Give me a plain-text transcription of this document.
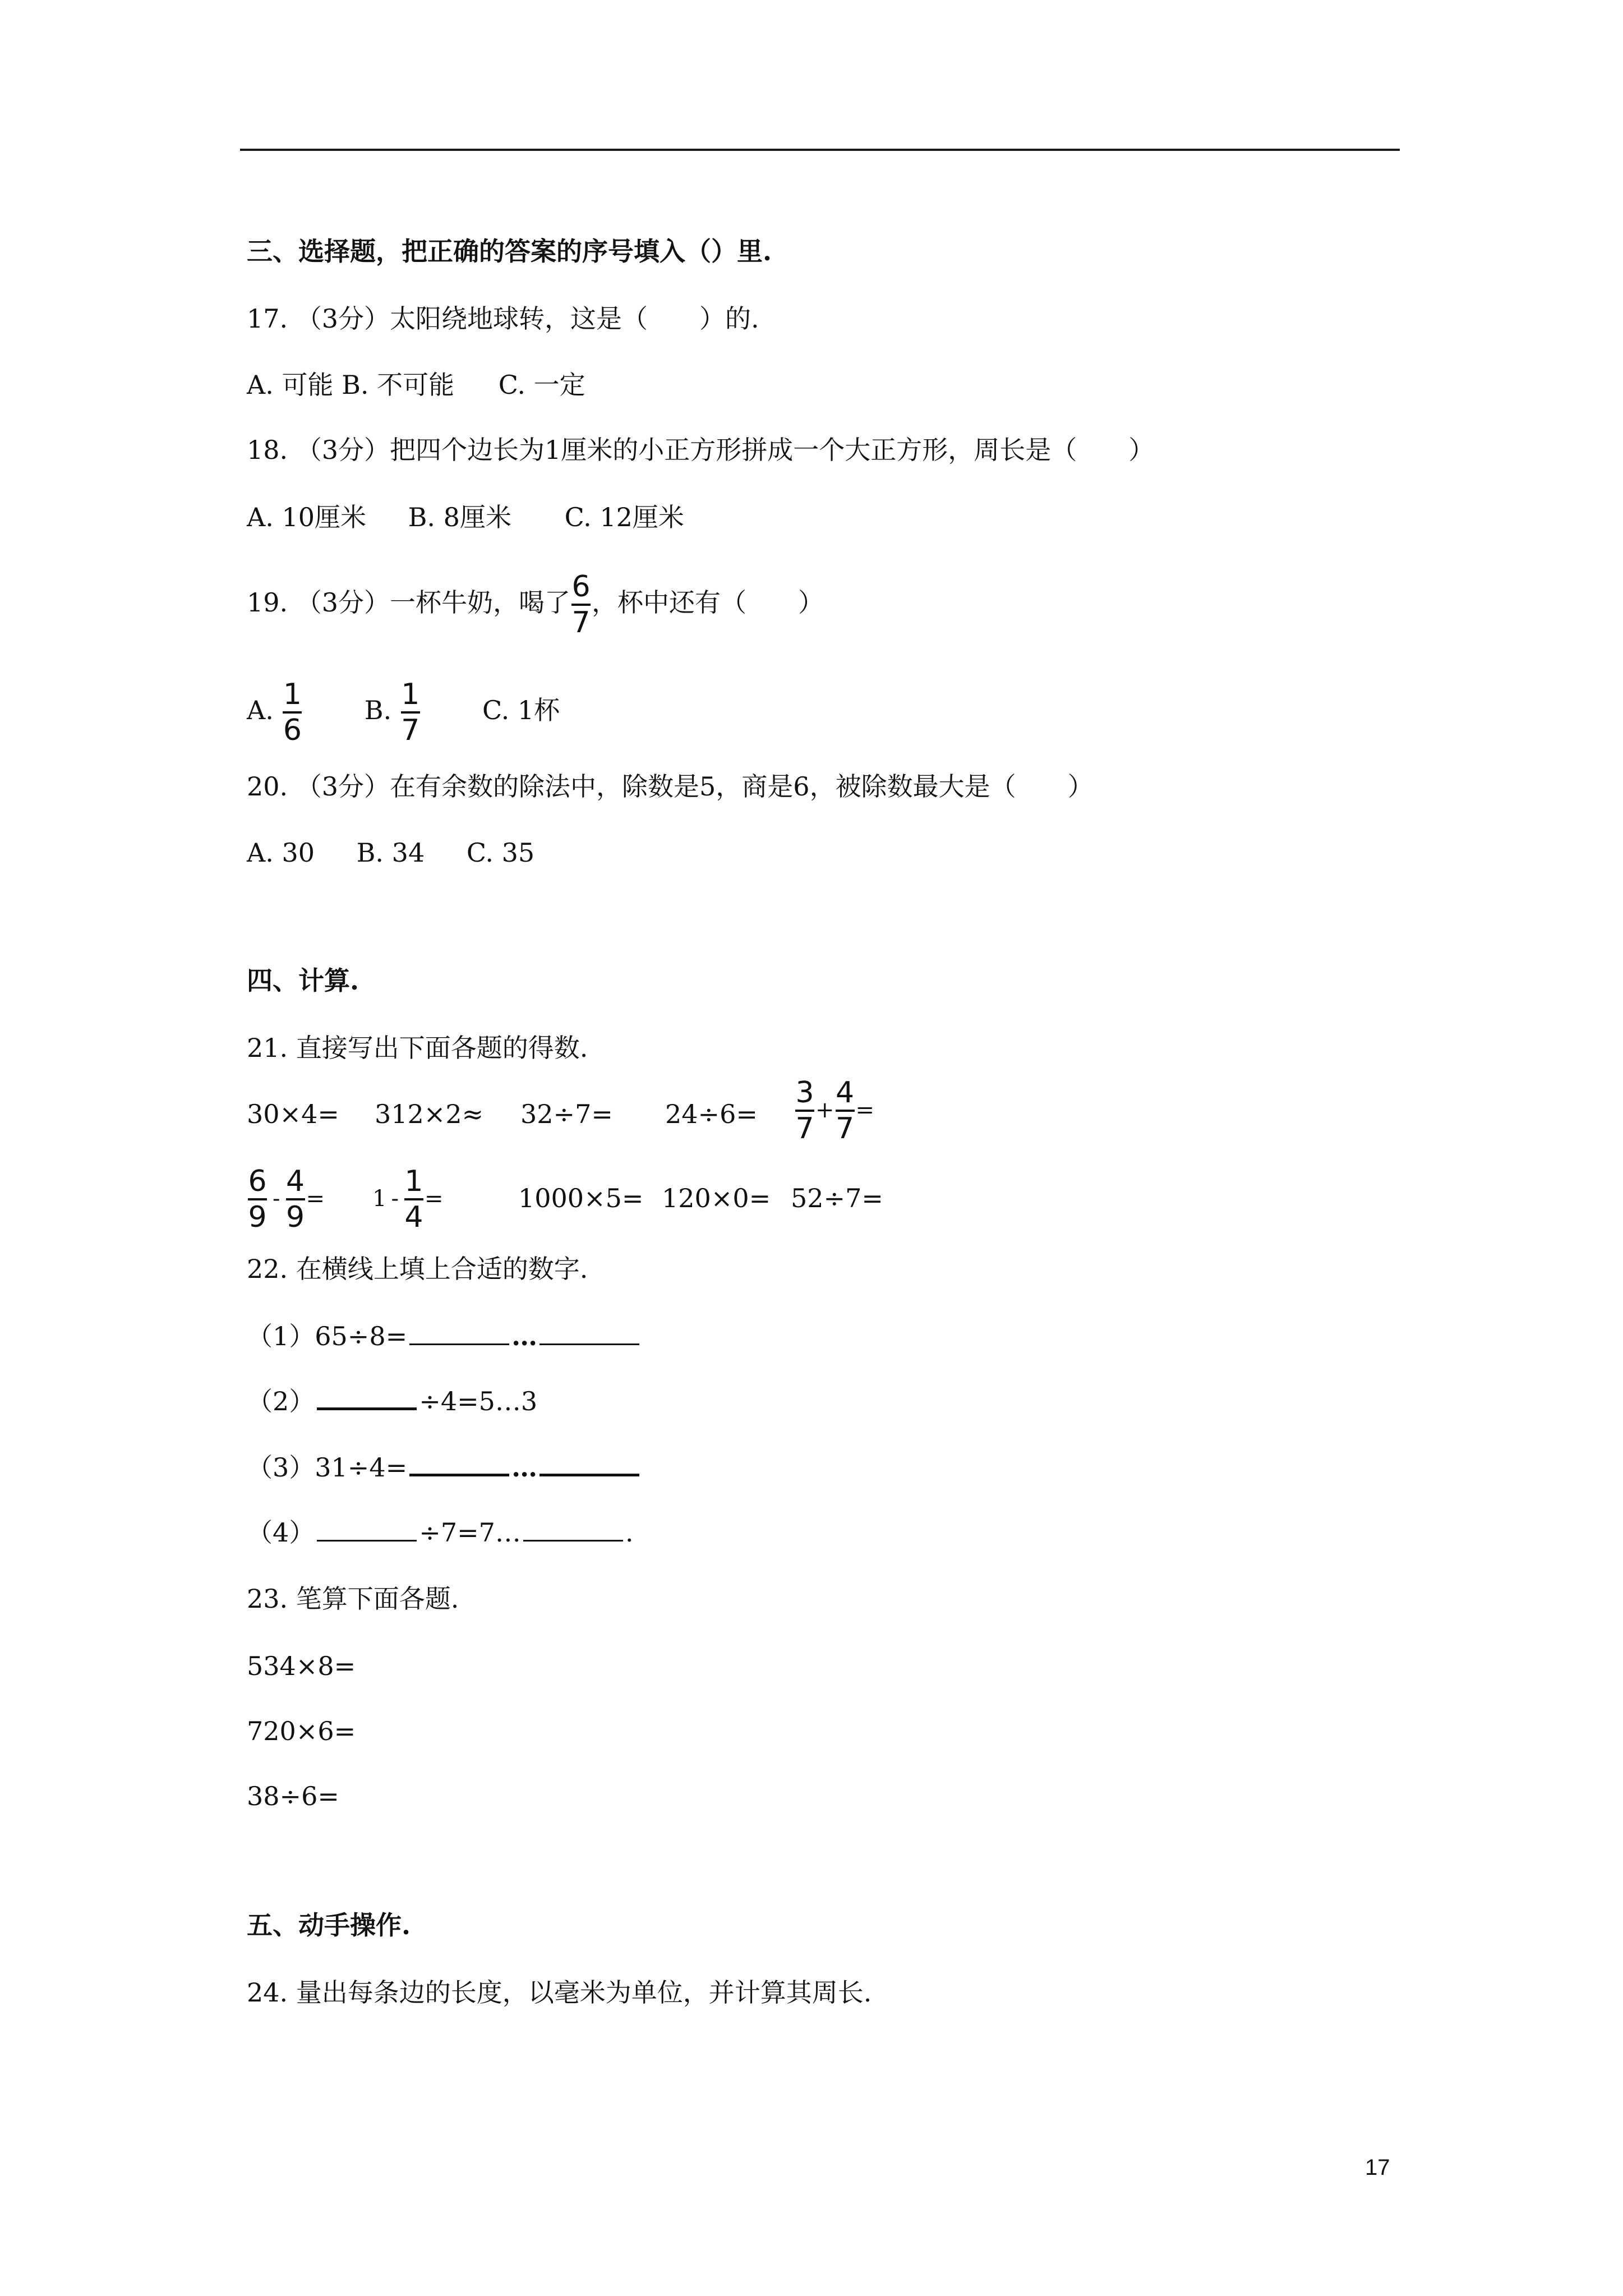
三、选择题，把正确的答案的序号填入（）里.
17. （3分）太阳绕地球转，这是（　　）的.
A. 可能 B. 不可能 C. 一定
18. （3分）把四个边长为1厘米的小正方形拼成一个大正方形，周长是（　　）
A. 10厘米 B. 8厘米 C. 12厘米
19. （3分）一杯牛奶，喝了 $\frac{6}{7}$ ，杯中还有（　　）
A. $\frac{1}{6} B$. $\frac{1}{7} C$. 1杯
20. （3分）在有余数的除法中，除数是5，商是6，被除数最大是（　　）
A. 30 B. 34 C. 35
四、计算.
21. 直接写出下面各题的得数.
$30\times 4= 312\times 2\approx 32\div 7= 24\div 6= \frac{3}{7} + \frac{4}{7}$ =
$\frac{6}{9} - \frac{4}{9} = 1 - \frac{1}{4}$ =	1000×5= 120×0= 52÷7=
22. 在横线上填上合适的数字.
（1）65÷8=	…
（2）	÷4=5…3
（3）31÷4=	…
（4）	÷7=7…	.
23. 笔算下面各题.
534×8=
720×6=
38÷6=
五、动手操作.
24. 量出每条边的长度，以毫米为单位，并计算其周长.
17
